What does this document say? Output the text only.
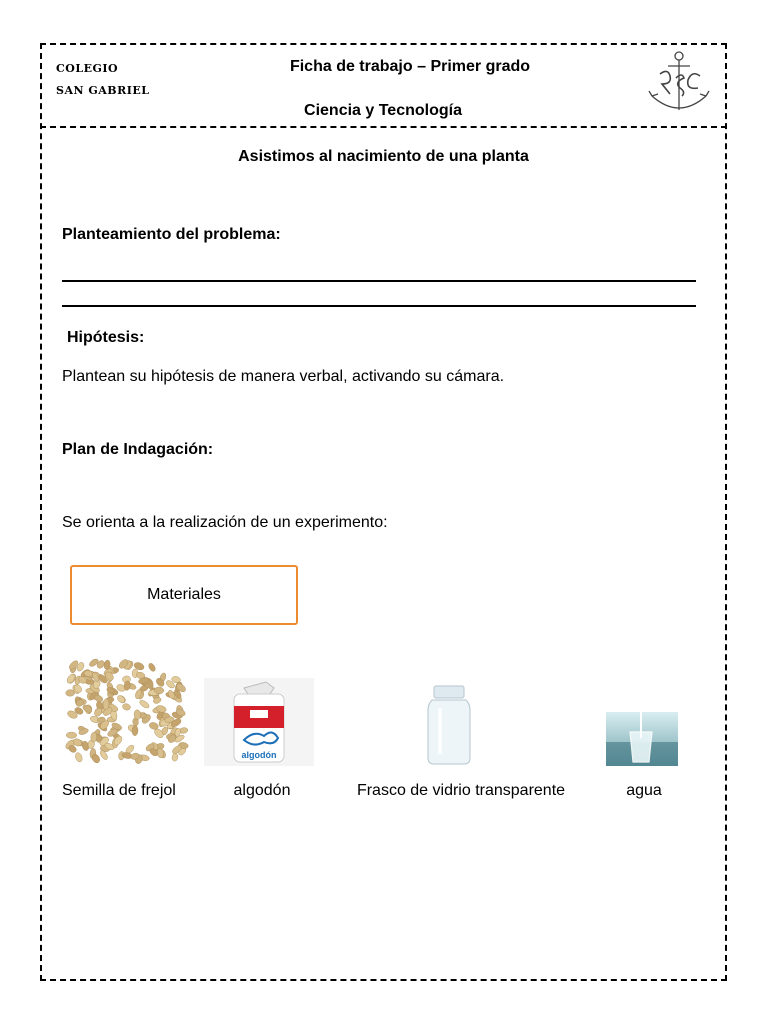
COLEGIO
SAN GABRIEL
Ficha de trabajo – Primer grado
Ciencia y Tecnología
Asistimos al nacimiento de una planta
Planteamiento del problema:
Hipótesis:
Plantean su hipótesis de manera verbal, activando su cámara.
Plan de Indagación:
Se orienta a la realización de un experimento:
Materiales
algodón
Semilla de frejol	algodón	Frasco de vidrio transparente	agua
